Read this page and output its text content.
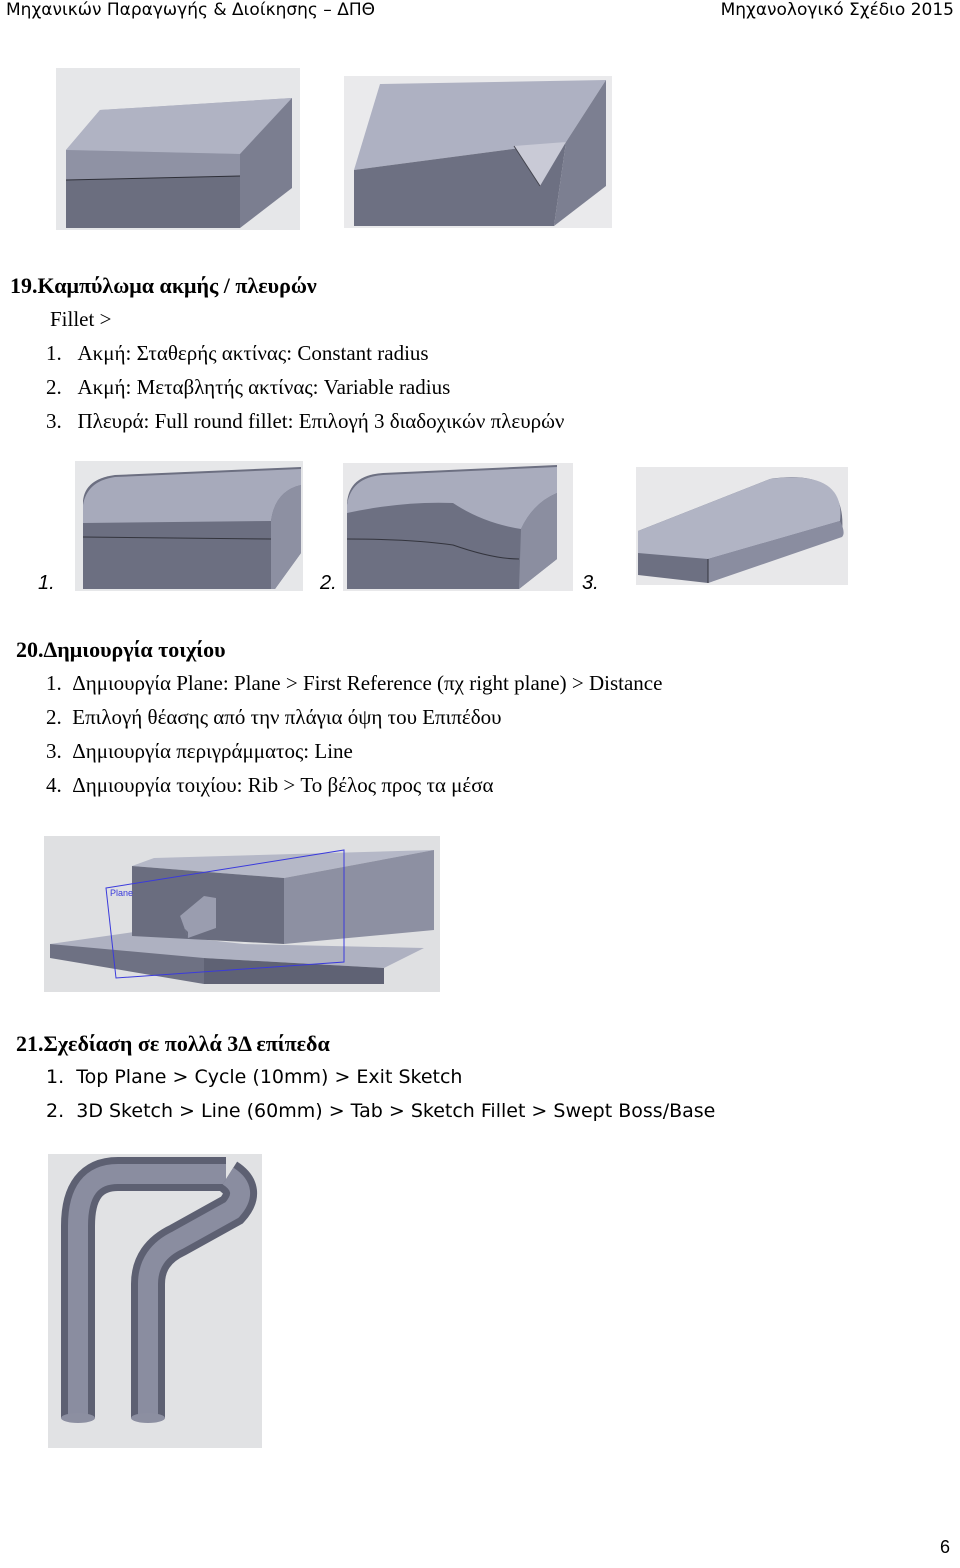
Μηχανικών Παραγωγής & Διοίκησης – ΔΠΘ	Μηχανολογικό Σχέδιο 2015
19.Καμπύλωμα ακμής / πλευρών
Fillet >
1. Ακμή: Σταθερής ακτίνας: Constant radius
2. Ακμή: Μεταβλητής ακτίνας: Variable radius
3. Πλευρά: Full round fillet: Επιλογή 3 διαδοχικών πλευρών
1.	2.	3.
20.Δημιουργία τοιχίου
1. Δημιουργία Plane: Plane > First Reference (πχ right plane) > Distance
2. Επιλογή θέασης από την πλάγια όψη του Επιπέδου
3. Δημιουργία περιγράμματος: Line
4. Δημιουργία τοιχίου: Rib > Το βέλος προς τα μέσα
Plane
21.Σχεδίαση σε πολλά 3Δ επίπεδα
1. Top Plane > Cycle (10mm) > Exit Sketch
2. 3D Sketch > Line (60mm) > Tab > Sketch Fillet > Swept Boss/Base
6
